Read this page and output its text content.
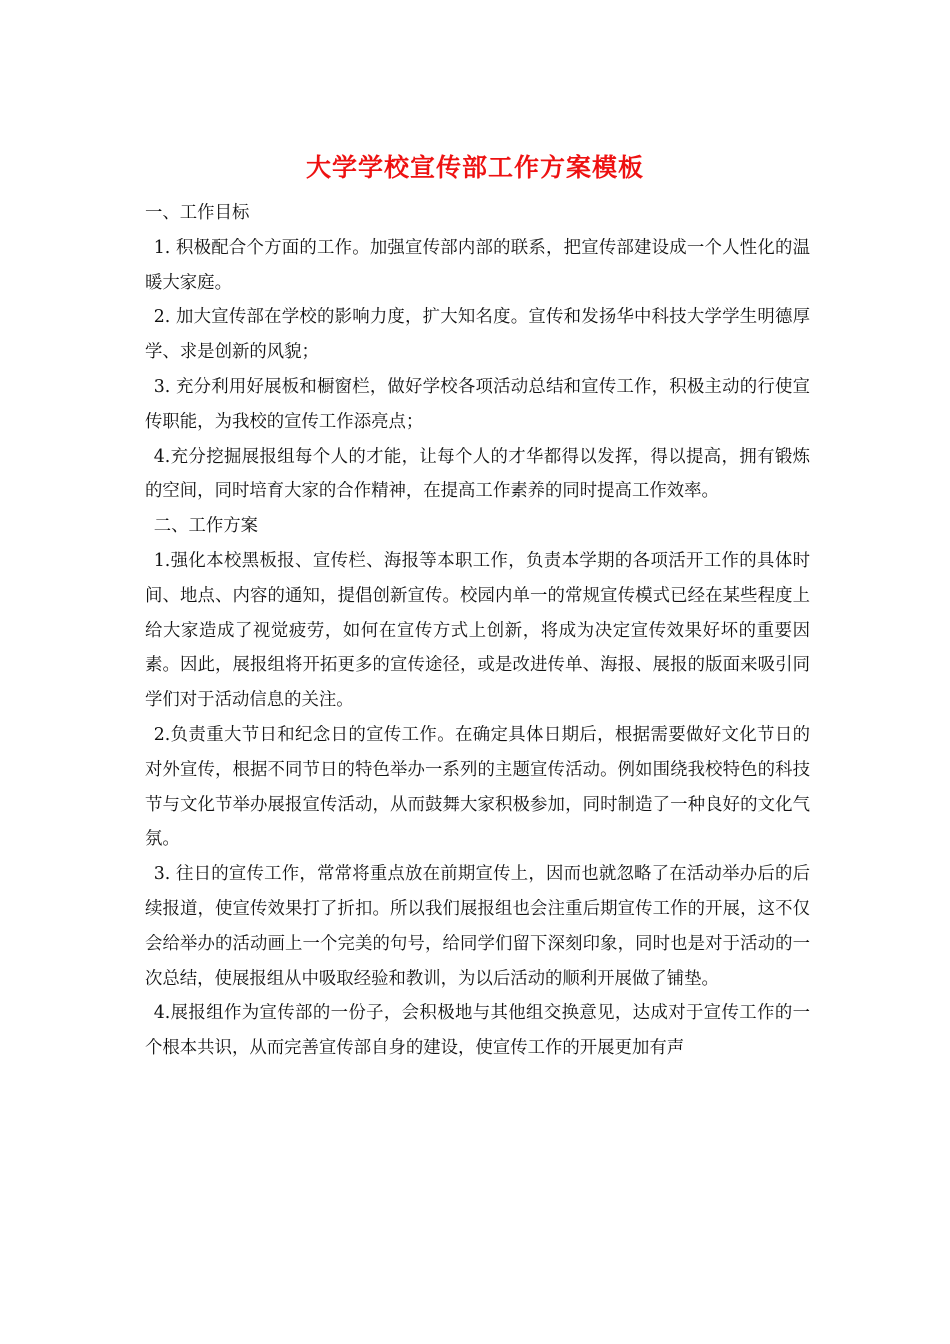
大学学校宣传部工作方案模板

一、工作目标

1. 积极配合个方面的工作。加强宣传部内部的联系，把宣传部建设成一个人性化的温暖大家庭。

2. 加大宣传部在学校的影响力度，扩大知名度。宣传和发扬华中科技大学学生明德厚学、求是创新的风貌；

3. 充分利用好展板和橱窗栏，做好学校各项活动总结和宣传工作，积极主动的行使宣传职能，为我校的宣传工作添亮点；

4.充分挖掘展报组每个人的才能，让每个人的才华都得以发挥，得以提高，拥有锻炼的空间，同时培育大家的合作精神，在提高工作素养的同时提高工作效率。

二、工作方案

1.强化本校黑板报、宣传栏、海报等本职工作，负责本学期的各项活开工作的具体时间、地点、内容的通知，提倡创新宣传。校园内单一的常规宣传模式已经在某些程度上给大家造成了视觉疲劳，如何在宣传方式上创新，将成为决定宣传效果好坏的重要因素。因此，展报组将开拓更多的宣传途径，或是改进传单、海报、展报的版面来吸引同学们对于活动信息的关注。

2.负责重大节日和纪念日的宣传工作。在确定具体日期后，根据需要做好文化节日的对外宣传，根据不同节日的特色举办一系列的主题宣传活动。例如围绕我校特色的科技节与文化节举办展报宣传活动，从而鼓舞大家积极参加，同时制造了一种良好的文化气氛。

3. 往日的宣传工作，常常将重点放在前期宣传上，因而也就忽略了在活动举办后的后续报道，使宣传效果打了折扣。所以我们展报组也会注重后期宣传工作的开展，这不仅会给举办的活动画上一个完美的句号，给同学们留下深刻印象，同时也是对于活动的一次总结，使展报组从中吸取经验和教训，为以后活动的顺利开展做了铺垫。

4.展报组作为宣传部的一份子，会积极地与其他组交换意见，达成对于宣传工作的一个根本共识，从而完善宣传部自身的建设，使宣传工作的开展更加有声
